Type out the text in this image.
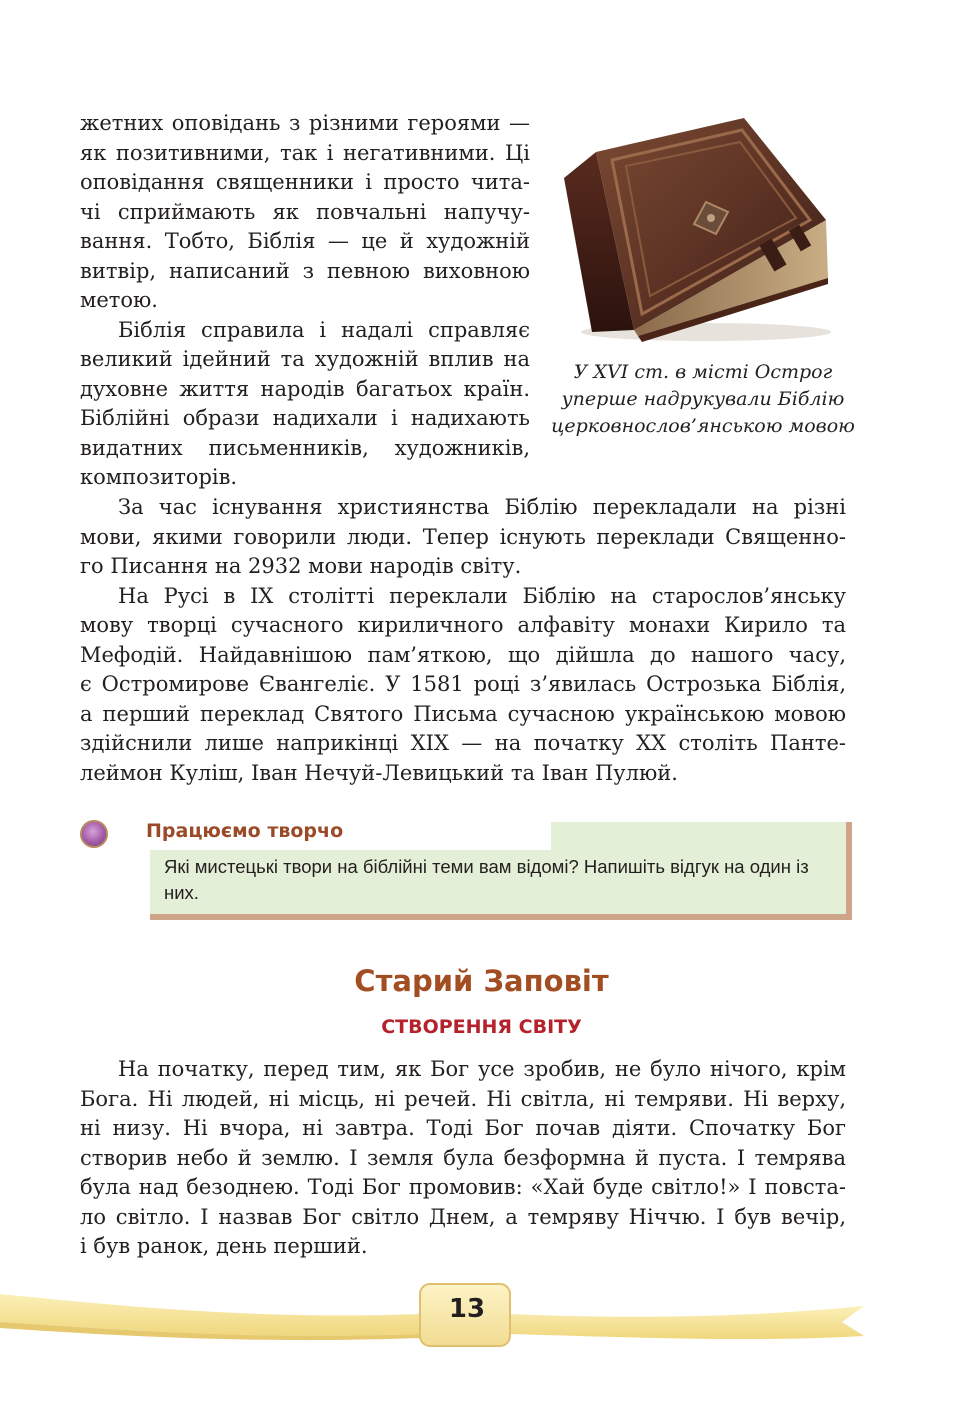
жетних оповідань з різними героями —
як позитивними, так і негативними. Ці
оповідання священники і просто чита-
чі сприймають як повчальні напучу-
вання. Тобто, Біблія — це й художній
витвір, написаний з певною виховною
метою.
Біблія справила і надалі справляє
великий ідейний та художній вплив на
духовне життя народів багатьох країн.
Біблійні образи надихали і надихають
видатних письменників, художників,
композиторів.
У XVI ст. в місті Острог
уперше надрукували Біблію
церковнослов’янською мовою
За час існування християнства Біблію перекладали на різні
мови, якими говорили люди. Тепер існують переклади Священно-
го Писання на 2932 мови народів світу.
На Русі в IX столітті переклали Біблію на старослов’янську
мову творці сучасного кириличного алфавіту монахи Кирило та
Мефодій. Найдавнішою пам’яткою, що дійшла до нашого часу,
є Остромирове Євангеліє. У 1581 році з’явилась Острозька Біблія,
а перший переклад Святого Письма сучасною українською мовою
здійснили лише наприкінці XIX — на початку XX століть Панте-
леймон Куліш, Іван Нечуй-Левицький та Іван Пулюй.
Працюємо творчо
Які мистецькі твори на біблійні теми вам відомі? Напишіть відгук на один із них.
Старий Заповіт
СТВОРЕННЯ СВІТУ
На початку, перед тим, як Бог усе зробив, не було нічого, крім
Бога. Ні людей, ні місць, ні речей. Ні світла, ні темряви. Ні верху,
ні низу. Ні вчора, ні завтра. Тоді Бог почав діяти. Спочатку Бог
створив небо й землю. І земля була безформна й пуста. І темрява
була над безоднею. Тоді Бог промовив: «Хай буде світло!» І повста-
ло світло. І назвав Бог світло Днем, а темряву Ніччю. І був вечір,
і був ранок, день перший.
13
